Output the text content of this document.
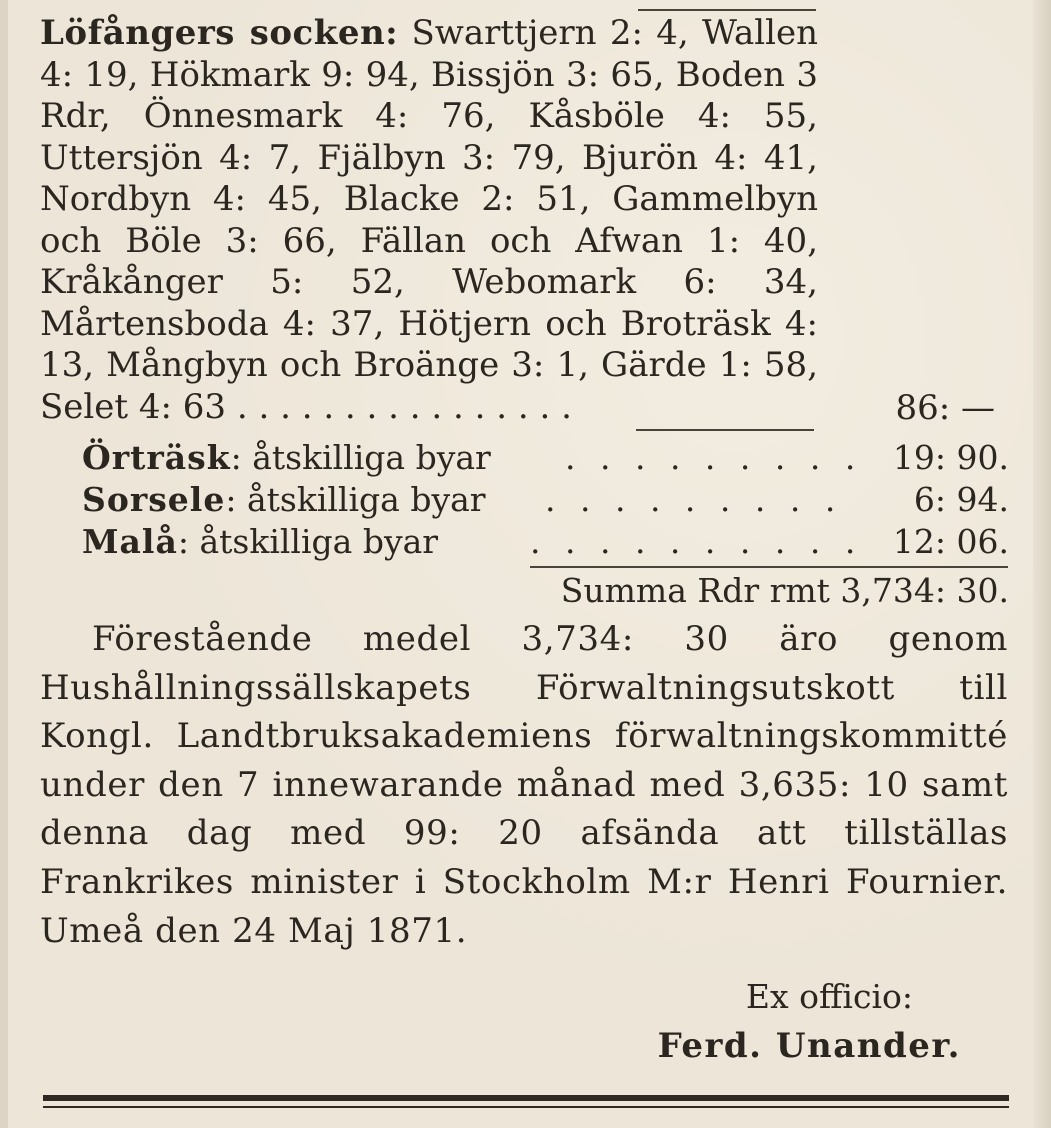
Löfångers socken: Swarttjern 2: 4, Wallen 4: 19, Hökmark 9: 94, Bissjön 3: 65, Boden 3 Rdr, Önnesmark 4: 76, Kåsböle 4: 55, Uttersjön 4: 7, Fjälbyn 3: 79, Bjurön 4: 41, Nordbyn 4: 45, Blacke 2: 51, Gammelbyn och Böle 3: 66, Fällan och Afwan 1: 40, Kråkånger 5: 52, Webomark 6: 34, Mårtensboda 4: 37, Hötjern och Broträsk 4: 13, Mångbyn och Broänge 3: 1, Gärde 1: 58, Selet 4: 63 . . . . . . . . . . . . . . . .	86: —
Örträsk: åtskilliga byar . . . . . . . . . 19: 90.
Sorsele: åtskilliga byar . . . . . . . . . 6: 94.
Malå: åtskilliga byar	. . . . . . . . . . 12: 06.
Summa Rdr rmt 3,734: 30.
Förestående medel 3,734: 30 äro genom Hushållningssällskapets Förwaltningsutskott till Kongl. Landtbruksakademiens förwaltningskommitté under den 7 innewarande månad med 3,635: 10 samt denna dag med 99: 20 afsända att tillställas Frankrikes minister i Stockholm M:r Henri Fournier. Umeå den 24 Maj 1871.
Ex officio:
Ferd. Unander.
